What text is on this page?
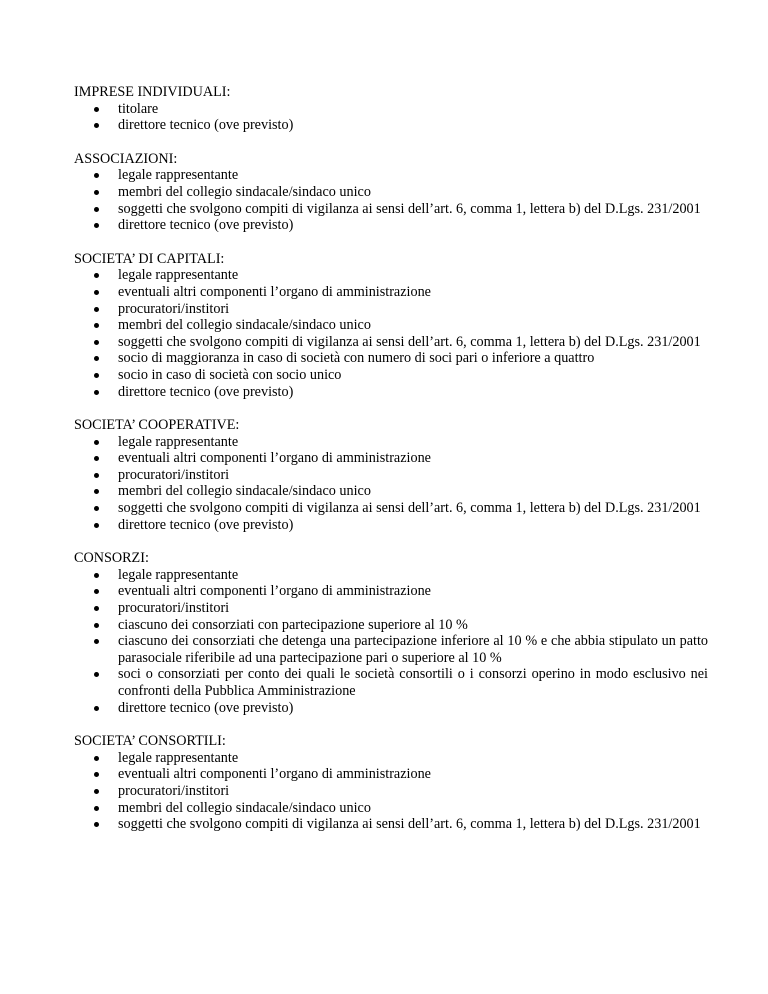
IMPRESE INDIVIDUALI:
titolare
direttore tecnico (ove previsto)
ASSOCIAZIONI:
legale rappresentante
membri del collegio sindacale/sindaco unico
soggetti che svolgono compiti di vigilanza ai sensi dell’art. 6, comma 1, lettera b) del D.Lgs. 231/2001
direttore tecnico (ove previsto)
SOCIETA’ DI CAPITALI:
legale rappresentante
eventuali altri componenti l’organo di amministrazione
procuratori/institori
membri del collegio sindacale/sindaco unico
soggetti che svolgono compiti di vigilanza ai sensi dell’art. 6, comma 1, lettera b) del D.Lgs. 231/2001
socio di maggioranza in caso di società con numero di soci pari o inferiore a quattro
socio in caso di società con socio unico
direttore tecnico (ove previsto)
SOCIETA’ COOPERATIVE:
legale rappresentante
eventuali altri componenti l’organo di amministrazione
procuratori/institori
membri del collegio sindacale/sindaco unico
soggetti che svolgono compiti di vigilanza ai sensi dell’art. 6, comma 1, lettera b) del D.Lgs. 231/2001
direttore tecnico (ove previsto)
CONSORZI:
legale rappresentante
eventuali altri componenti l’organo di amministrazione
procuratori/institori
ciascuno dei consorziati con partecipazione superiore al 10 %
ciascuno dei consorziati che detenga una partecipazione inferiore al 10 % e che abbia stipulato un patto parasociale riferibile ad una partecipazione pari o superiore al 10 %
soci o consorziati per conto dei quali le società consortili o i consorzi operino in modo esclusivo nei confronti della Pubblica Amministrazione
direttore tecnico (ove previsto)
SOCIETA’ CONSORTILI:
legale rappresentante
eventuali altri componenti l’organo di amministrazione
procuratori/institori
membri del collegio sindacale/sindaco unico
soggetti che svolgono compiti di vigilanza ai sensi dell’art. 6, comma 1, lettera b) del D.Lgs. 231/2001
